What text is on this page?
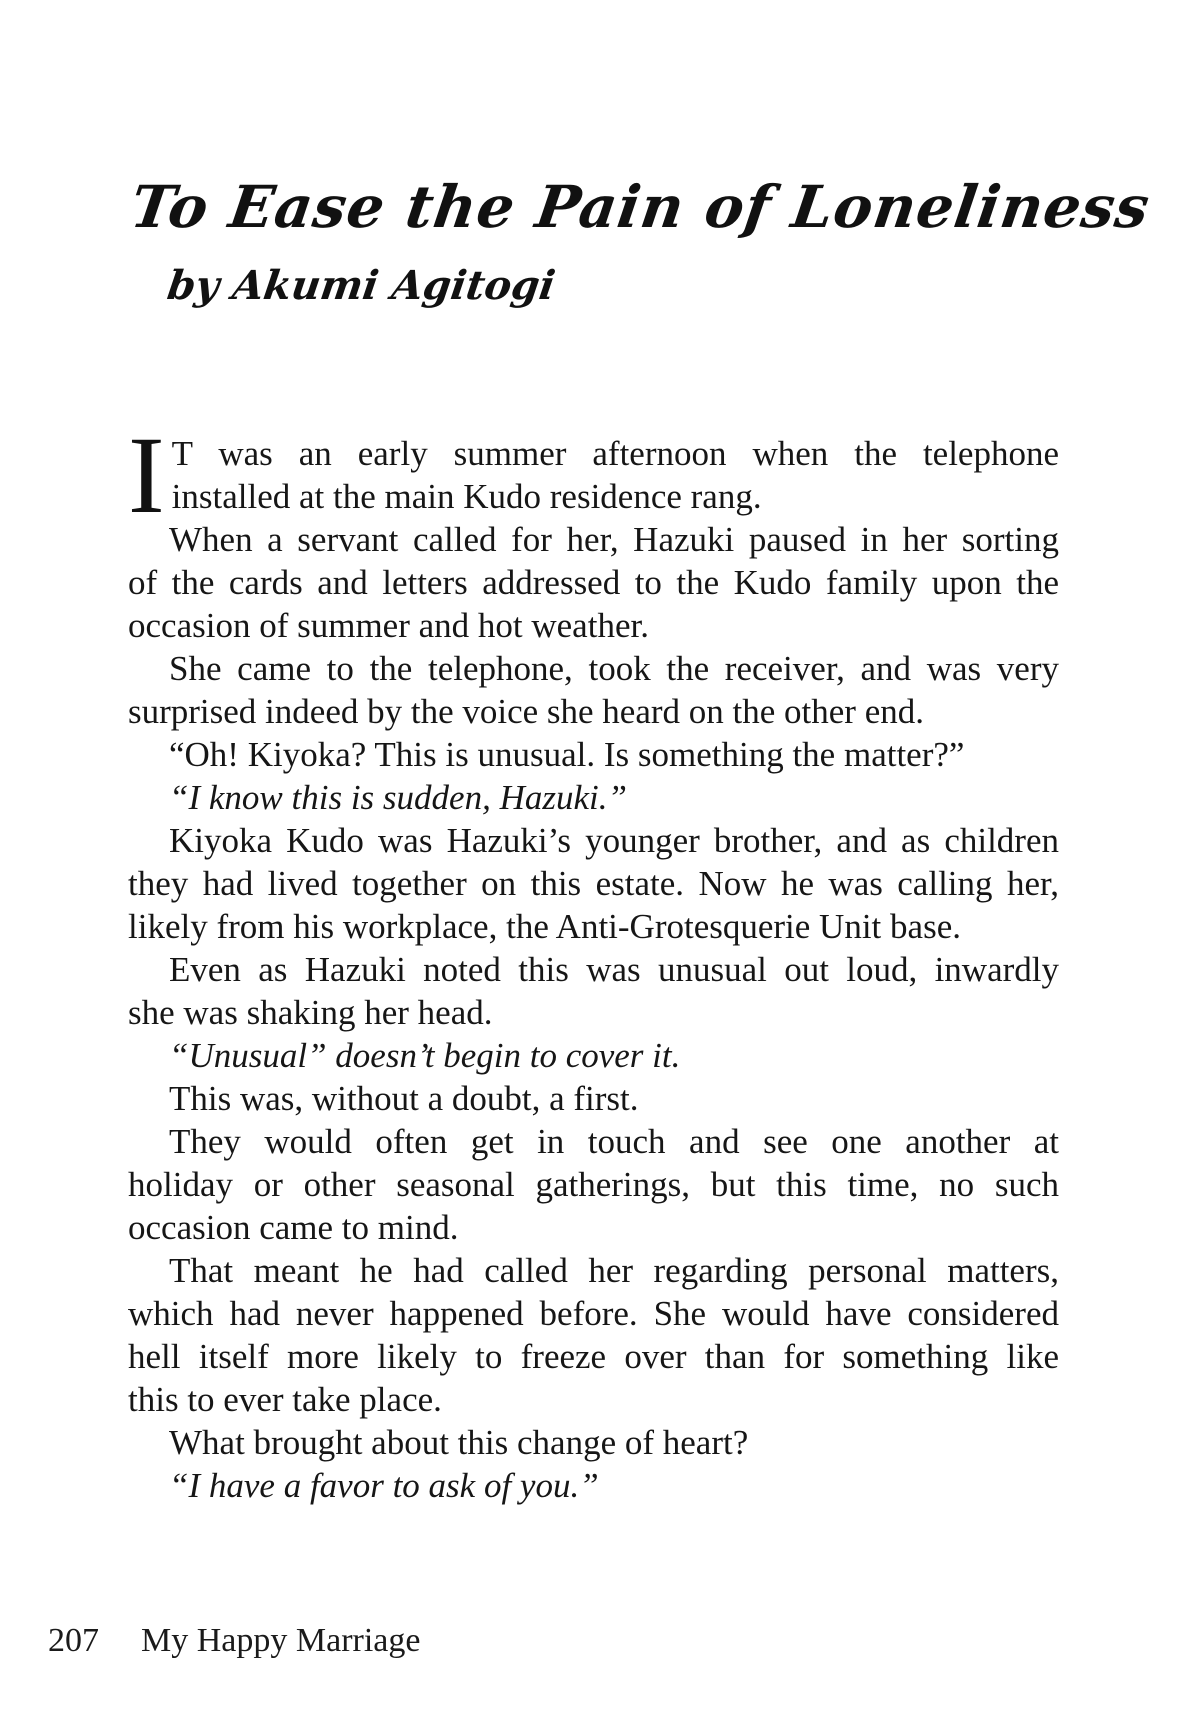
To Ease the Pain of Loneliness
by Akumi Agitogi
I T was an early summer afternoon when the telephone
installed at the main Kudo residence rang.
When a servant called for her, Hazuki paused in her sorting
of the cards and letters addressed to the Kudo family upon the
occasion of summer and hot weather.
She came to the telephone, took the receiver, and was very
surprised indeed by the voice she heard on the other end.
“Oh! Kiyoka? This is unusual. Is something the matter?”
“I know this is sudden, Hazuki.”
Kiyoka Kudo was Hazuki’s younger brother, and as children
they had lived together on this estate. Now he was calling her,
likely from his workplace, the Anti-Grotesquerie Unit base.
Even as Hazuki noted this was unusual out loud, inwardly
she was shaking her head.
“Unusual” doesn’t begin to cover it.
This was, without a doubt, a first.
They would often get in touch and see one another at
holiday or other seasonal gatherings, but this time, no such
occasion came to mind.
That meant he had called her regarding personal matters,
which had never happened before. She would have considered
hell itself more likely to freeze over than for something like
this to ever take place.
What brought about this change of heart?
“I have a favor to ask of you.”
207 My Happy Marriage
